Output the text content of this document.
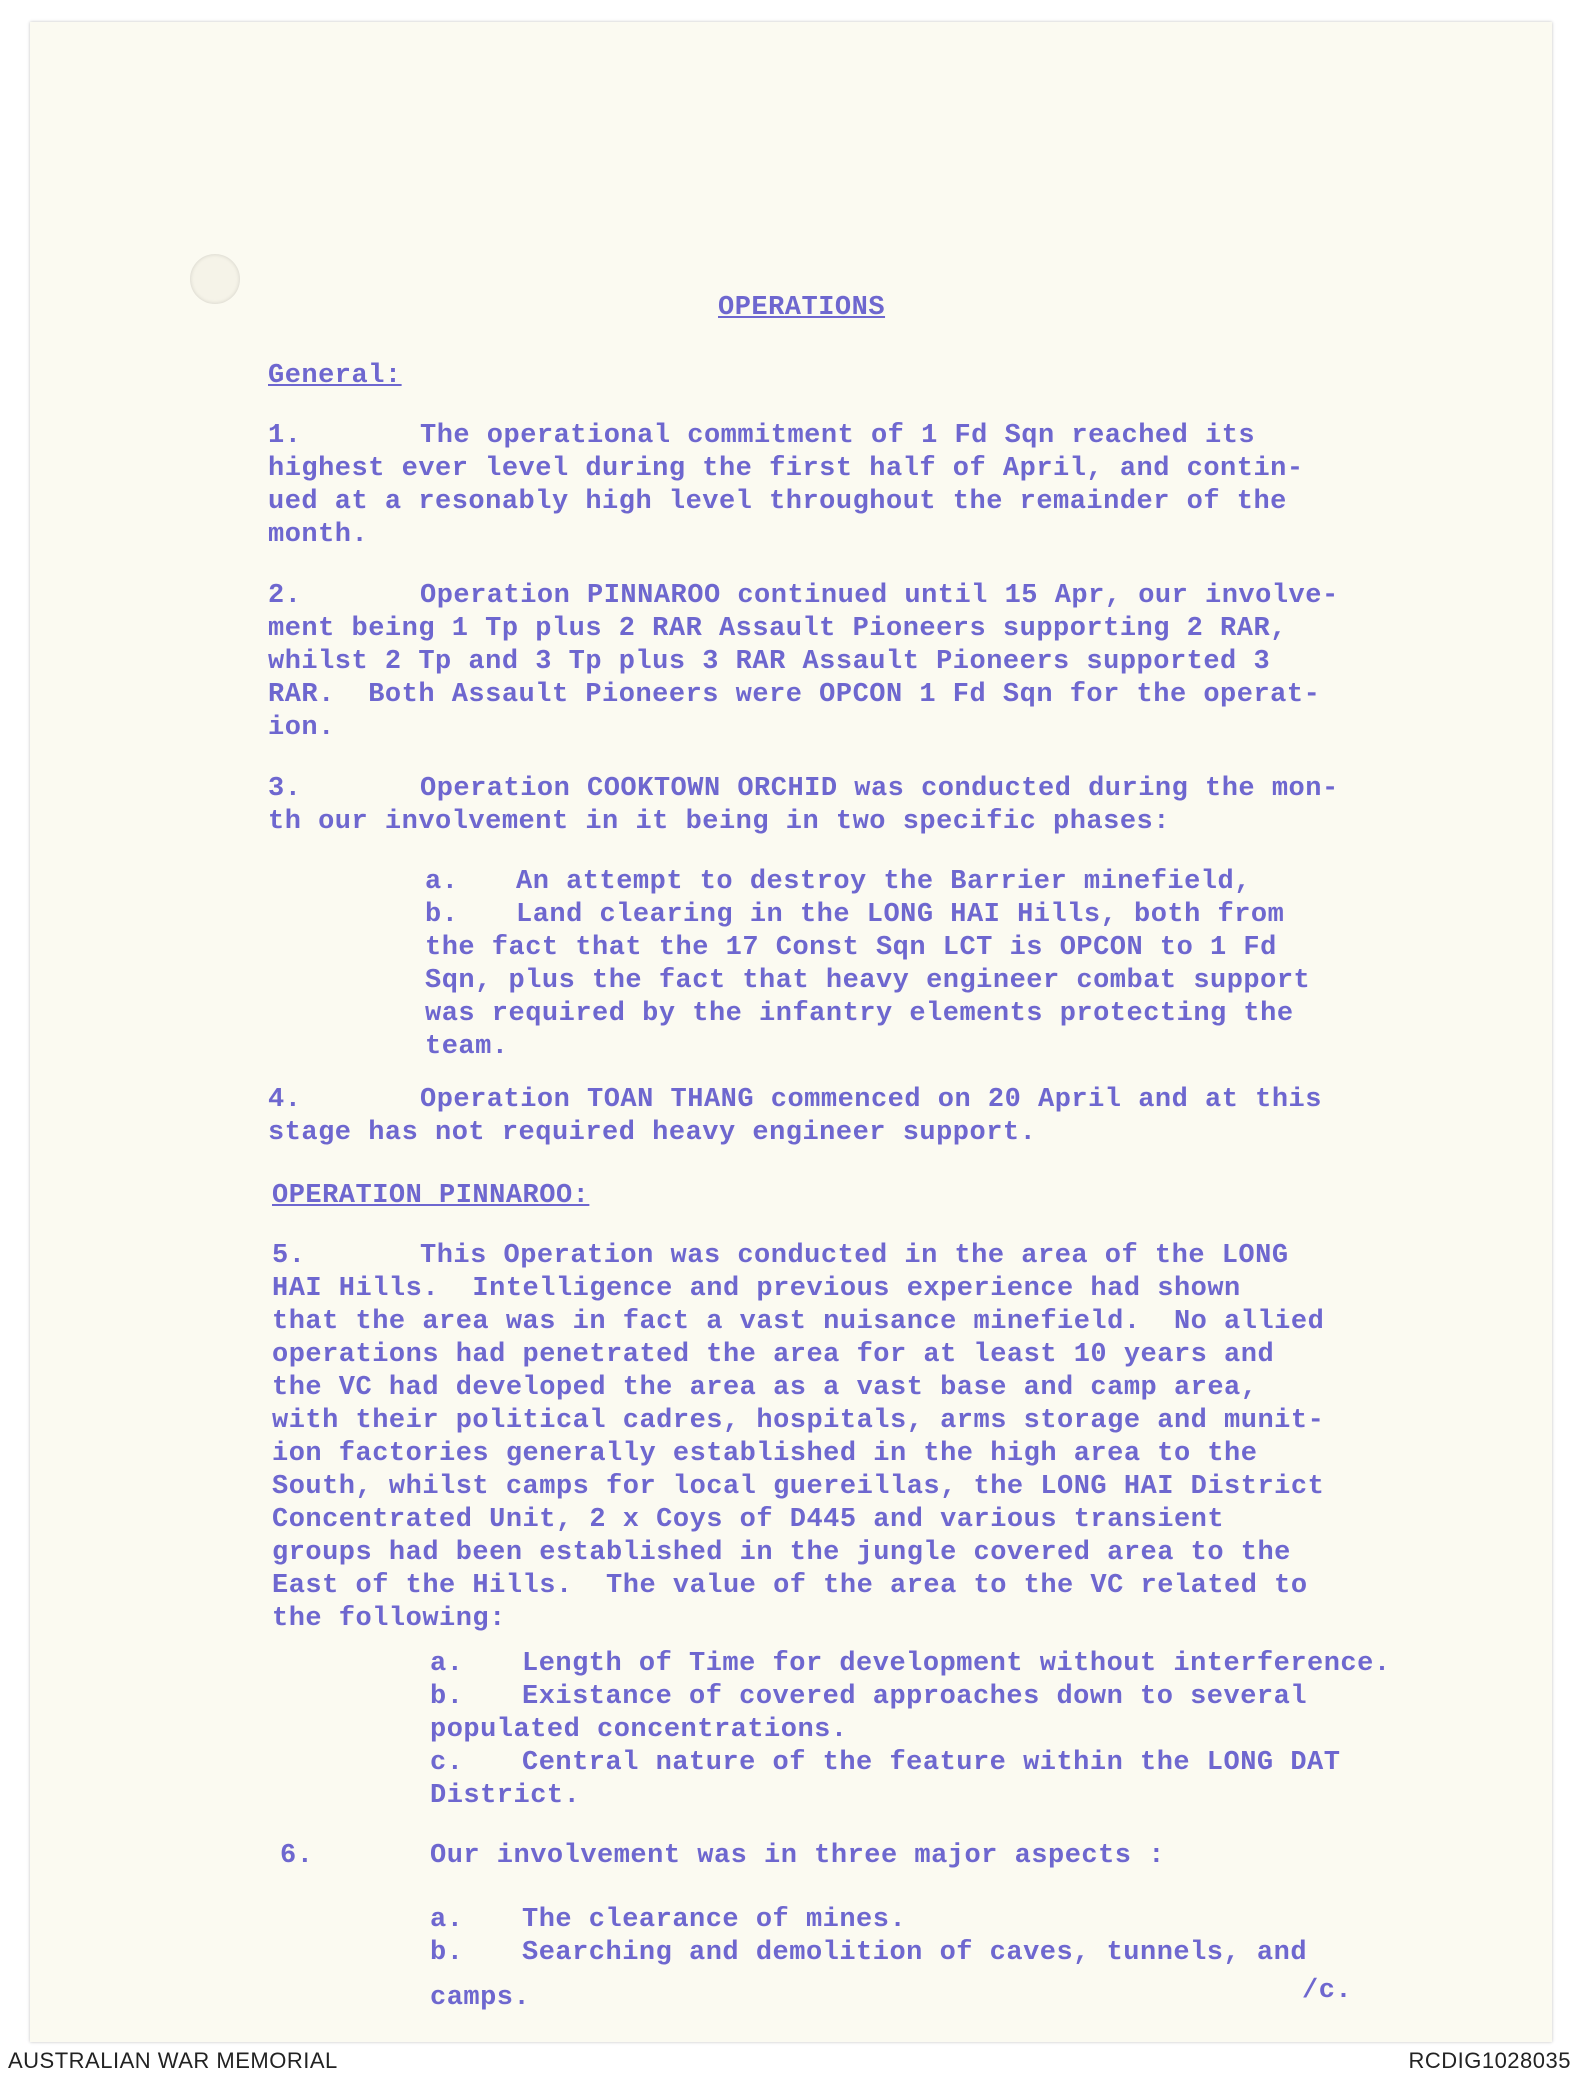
OPERATIONS
General:
1.	The operational commitment of 1 Fd Sqn reached its
highest ever level during the first half of April, and contin-
ued at a resonably high level throughout the remainder of the
month.
2.	Operation PINNAROO continued until 15 Apr, our involve-
ment being 1 Tp plus 2 RAR Assault Pioneers supporting 2 RAR,
whilst 2 Tp and 3 Tp plus 3 RAR Assault Pioneers supported 3
RAR.  Both Assault Pioneers were OPCON 1 Fd Sqn for the operat-
ion.
3.	Operation COOKTOWN ORCHID was conducted during the mon-
th our involvement in it being in two specific phases:
a. An attempt to destroy the Barrier minefield,
b. Land clearing in the LONG HAI Hills, both from
the fact that the 17 Const Sqn LCT is OPCON to 1 Fd
Sqn, plus the fact that heavy engineer combat support
was required by the infantry elements protecting the
team.
4.	Operation TOAN THANG commenced on 20 April and at this
stage has not required heavy engineer support.
OPERATION PINNAROO:
5.	This Operation was conducted in the area of the LONG
HAI Hills.  Intelligence and previous experience had shown
that the area was in fact a vast nuisance minefield.  No allied
operations had penetrated the area for at least 10 years and
the VC had developed the area as a vast base and camp area,
with their political cadres, hospitals, arms storage and munit-
ion factories generally established in the high area to the
South, whilst camps for local guereillas, the LONG HAI District
Concentrated Unit, 2 x Coys of D445 and various transient
groups had been established in the jungle covered area to the
East of the Hills.  The value of the area to the VC related to
the following:
a. Length of Time for development without interference.
b. Existance of covered approaches down to several
populated concentrations.
c. Central nature of the feature within the LONG DAT
District.
6.	Our involvement was in three major aspects :
a. The clearance of mines.
b. Searching and demolition of caves, tunnels, and
camps.	/c.
AUSTRALIAN WAR MEMORIAL	RCDIG1028035
